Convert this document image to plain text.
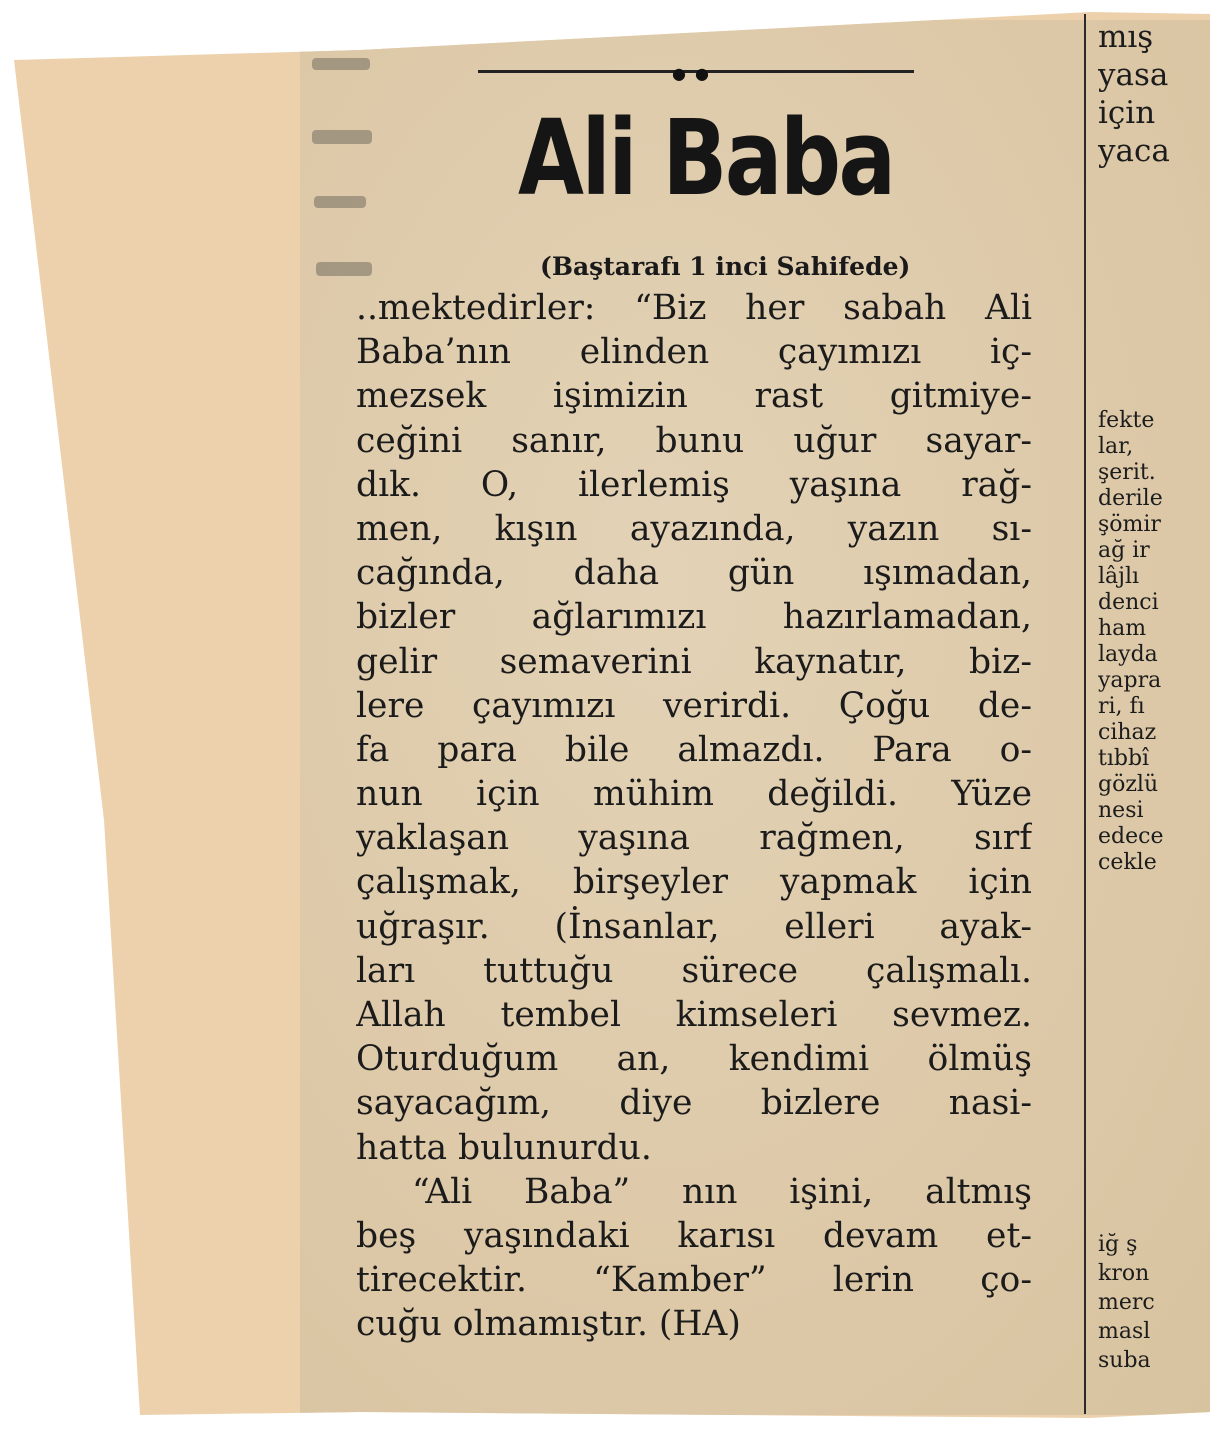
● ●
Ali Baba
(Baştarafı 1 inci Sahifede)
..mektedirler: “Biz her sabah Ali
Baba’nın elinden çayımızı iç-
mezsek işimizin rast gitmiye-
ceğini sanır, bunu uğur sayar-
dık. O, ilerlemiş yaşına rağ-
men, kışın ayazında, yazın sı-
cağında, daha gün ışımadan,
bizler ağlarımızı hazırlamadan,
gelir semaverini kaynatır, biz-
lere çayımızı verirdi. Çoğu de-
fa para bile almazdı. Para o-
nun için mühim değildi. Yüze
yaklaşan yaşına rağmen, sırf
çalışmak, birşeyler yapmak için
uğraşır. (İnsanlar, elleri ayak-
ları tuttuğu sürece çalışmalı.
Allah tembel kimseleri sevmez.
Oturduğum an, kendimi ölmüş
sayacağım, diye bizlere nasi-
hatta bulunurdu.
“Ali Baba” nın işini, altmış
beş yaşındaki karısı devam et-
tirecektir. “Kamber” lerin ço-
cuğu olmamıştır. (HA)
mış
yasa
için
yaca
fekte
lar,
şerit.
derile
şömir
ağ ir
lâjlı
denci
ham
layda
yapra
ri, fı
cihaz
tıbbî
gözlü
nesi
edece
cekle
iğ ş
kron
merc
masl
suba
